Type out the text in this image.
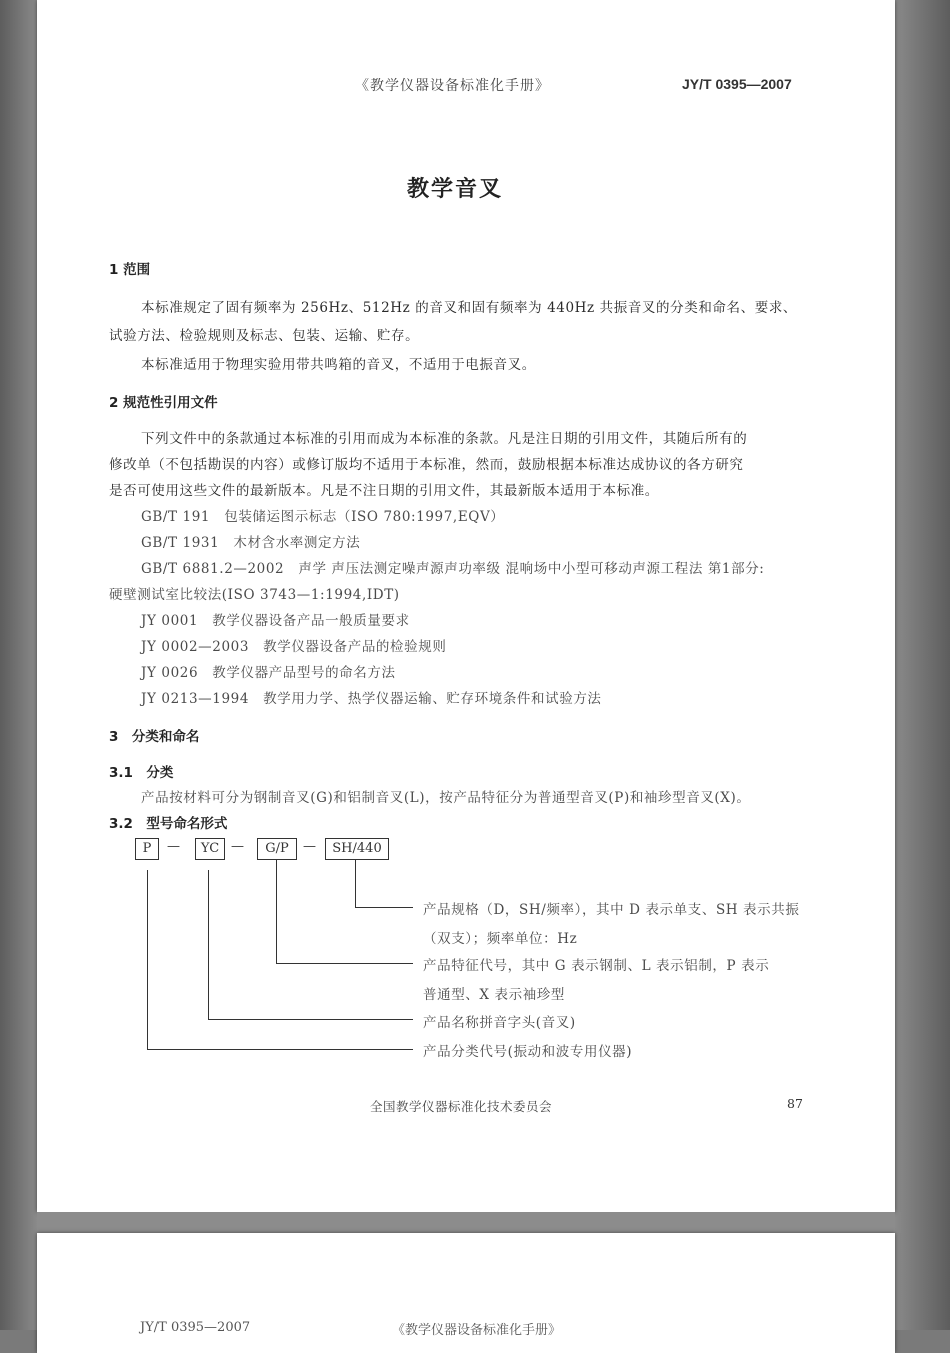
《教学仪器设备标准化手册》	JY/T 0395—2007
教学音叉
1 范围
本标准规定了固有频率为 256Hz、512Hz 的音叉和固有频率为 440Hz 共振音叉的分类和命名、要求、
试验方法、检验规则及标志、包装、运输、贮存。
本标准适用于物理实验用带共鸣箱的音叉，不适用于电振音叉。
2 规范性引用文件
下列文件中的条款通过本标准的引用而成为本标准的条款。凡是注日期的引用文件，其随后所有的
修改单（不包括勘误的内容）或修订版均不适用于本标准，然而，鼓励根据本标准达成协议的各方研究
是否可使用这些文件的最新版本。凡是不注日期的引用文件，其最新版本适用于本标准。
GB/T 191　包装储运图示标志（ISO 780:1997,EQV）
GB/T 1931　木材含水率测定方法
GB/T 6881.2—2002　声学 声压法测定噪声源声功率级 混响场中小型可移动声源工程法 第1部分:
硬壁测试室比较法(ISO 3743—1:1994,IDT)
JY 0001　教学仪器设备产品一般质量要求
JY 0002—2003　教学仪器设备产品的检验规则
JY 0026　教学仪器产品型号的命名方法
JY 0213—1994　教学用力学、热学仪器运输、贮存环境条件和试验方法
3　分类和命名
3.1　分类
产品按材料可分为钢制音叉(G)和铝制音叉(L)，按产品特征分为普通型音叉(P)和袖珍型音叉(X)。
3.2　型号命名形式
P	—	YC —	G/P	—	SH/440
产品规格（D，SH/频率），其中 D 表示单支、SH 表示共振
（双支）；频率单位：Hz
产品特征代号，其中 G 表示钢制、L 表示铝制，P 表示
普通型、X 表示袖珍型
产品名称拼音字头(音叉)
产品分类代号(振动和波专用仪器)
全国教学仪器标准化技术委员会	87
JY/T 0395—2007	《教学仪器设备标准化手册》
